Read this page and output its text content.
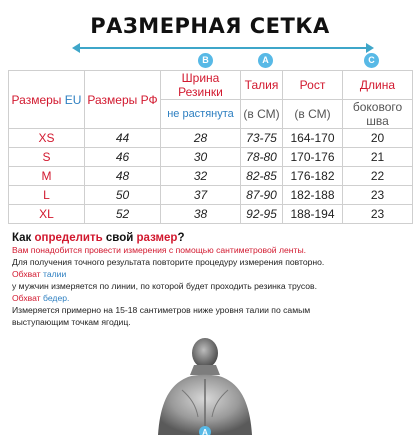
РАЗМЕРНАЯ СЕТКА
B	A	C
Размеры EU	Размеры РФ	Шрина Резинки	Талия	Рост	Длина
		не растянута	(в СМ)	(в СМ)	бокового шва
XS	44	28	73-75	164-170	20
S	46	30	78-80	170-176	21
M	48	32	82-85	176-182	22
L	50	37	87-90	182-188	23
XL	52	38	92-95	188-194	23
Как определить свой размер?
Вам понадобится провести измерения с помощью сантиметровой ленты.
Для получения точного результата повторите процедуру измерения повторно.
Обхват талии
у мужчин измеряется по линии, по которой будет проходить резинка трусов.
Обхват бедер.
Измеряется примерно на 15-18 сантиметров ниже уровня талии по самым
выступающим точкам ягодиц.
A
